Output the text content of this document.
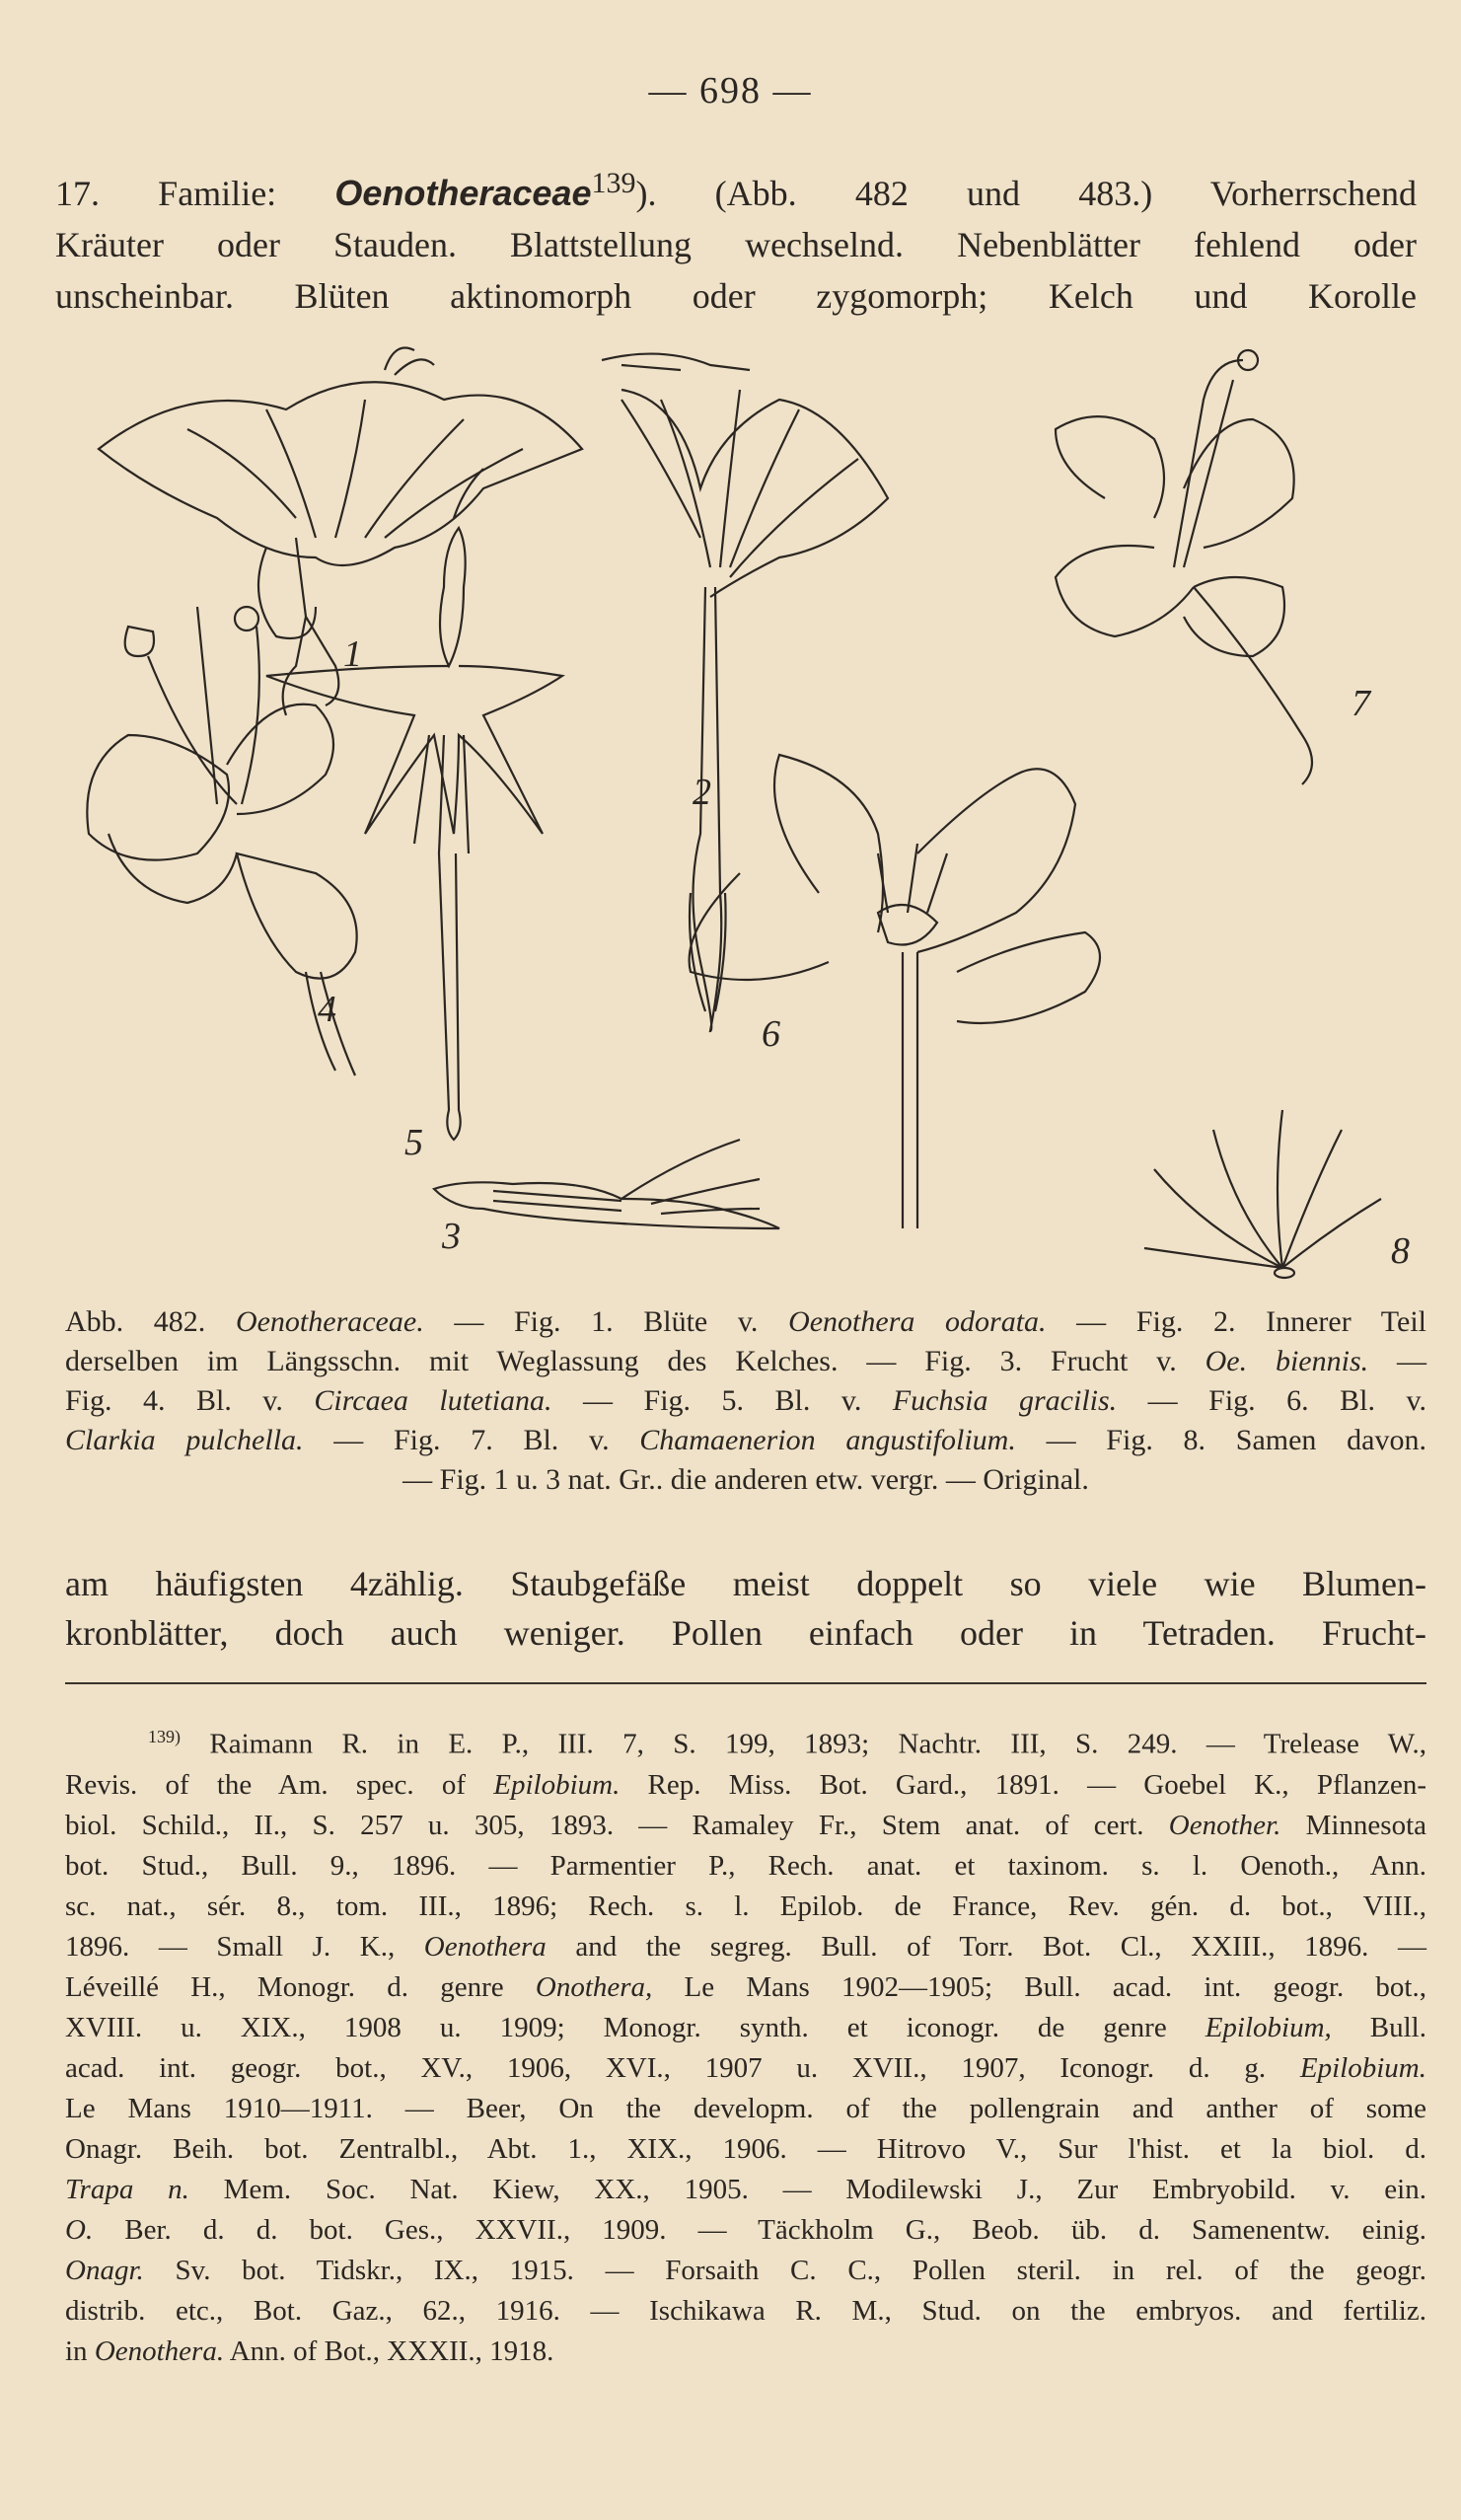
— 698 —
17. Familie: Oenotheraceae$^{139}$). (Abb. 482 und 483.) Vorherrschend
Kräuter oder Stauden. Blattstellung wechselnd. Nebenblätter fehlend oder
unscheinbar. Blüten aktinomorph oder zygomorph; Kelch und Korolle
1
2
3
4
5
6
7
8
Abb. 482. Oenotheraceae. — Fig. 1. Blüte v. Oenothera odorata. — Fig. 2. Innerer Teil
derselben im Längsschn. mit Weglassung des Kelches. — Fig. 3. Frucht v. Oe. biennis. —
Fig. 4. Bl. v. Circaea lutetiana. — Fig. 5. Bl. v. Fuchsia gracilis. — Fig. 6. Bl. v.
Clarkia pulchella. — Fig. 7. Bl. v. Chamaenerion angustifolium. — Fig. 8. Samen davon.
— Fig. 1 u. 3 nat. Gr.. die anderen etw. vergr. — Original.
am häufigsten 4zählig. Staubgefäße meist doppelt so viele wie Blumen-
kronblätter, doch auch weniger. Pollen einfach oder in Tetraden. Frucht-
$^{139)}$ Raimann R. in E. P., III. 7, S. 199, 1893; Nachtr. III, S. 249. — Trelease W.,
Revis. of the Am. spec. of Epilobium. Rep. Miss. Bot. Gard., 1891. — Goebel K., Pflanzen-
biol. Schild., II., S. 257 u. 305, 1893. — Ramaley Fr., Stem anat. of cert. Oenother. Minnesota
bot. Stud., Bull. 9., 1896. — Parmentier P., Rech. anat. et taxinom. s. l. Oenoth., Ann.
sc. nat., sér. 8., tom. III., 1896; Rech. s. l. Epilob. de France, Rev. gén. d. bot., VIII.,
1896. — Small J. K., Oenothera and the segreg. Bull. of Torr. Bot. Cl., XXIII., 1896. —
Léveillé H., Monogr. d. genre Onothera, Le Mans 1902—1905; Bull. acad. int. geogr. bot.,
XVIII. u. XIX., 1908 u. 1909; Monogr. synth. et iconogr. de genre Epilobium, Bull.
acad. int. geogr. bot., XV., 1906, XVI., 1907 u. XVII., 1907, Iconogr. d. g. Epilobium.
Le Mans 1910—1911. — Beer, On the developm. of the pollengrain and anther of some
Onagr. Beih. bot. Zentralbl., Abt. 1., XIX., 1906. — Hitrovo V., Sur l'hist. et la biol. d.
Trapa n. Mem. Soc. Nat. Kiew, XX., 1905. — Modilewski J., Zur Embryobild. v. ein.
O. Ber. d. d. bot. Ges., XXVII., 1909. — Täckholm G., Beob. üb. d. Samenentw. einig.
Onagr. Sv. bot. Tidskr., IX., 1915. — Forsaith C. C., Pollen steril. in rel. of the geogr.
distrib. etc., Bot. Gaz., 62., 1916. — Ischikawa R. M., Stud. on the embryos. and fertiliz.
in Oenothera. Ann. of Bot., XXXII., 1918.
